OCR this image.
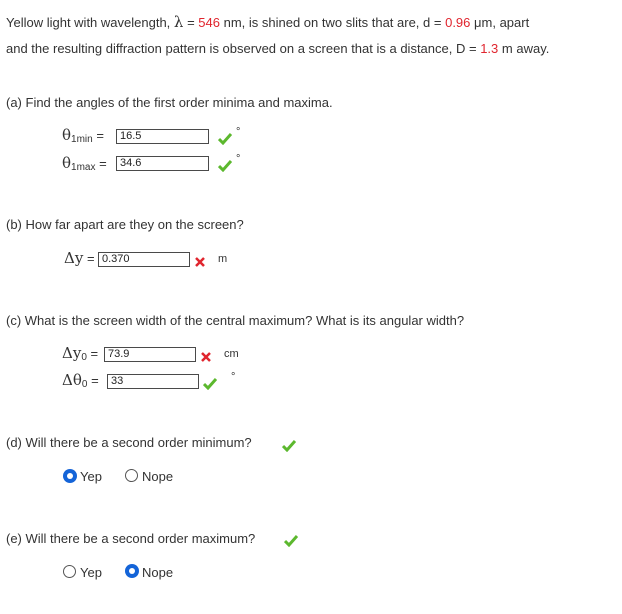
Yellow light with wavelength, λ = 546 nm, is shined on two slits that are, d = 0.96 μm, apart
and the resulting diffraction pattern is observed on a screen that is a distance, D = 1.3 m away.
(a) Find the angles of the first order minima and maxima.
$\theta_{1min}$ =	16.5	°
$\theta_{1max}$ =	34.6	°
(b) How far apart are they on the screen?
Δy = 0.370	m
(c) What is the screen width of the central maximum? What is its angular width?
$\Delta y_0 = 73.9$	cm
$\Delta\theta_0$ =	33	°
(d) Will there be a second order minimum?
Yep	Nope
(e) Will there be a second order maximum?
Yep	Nope
